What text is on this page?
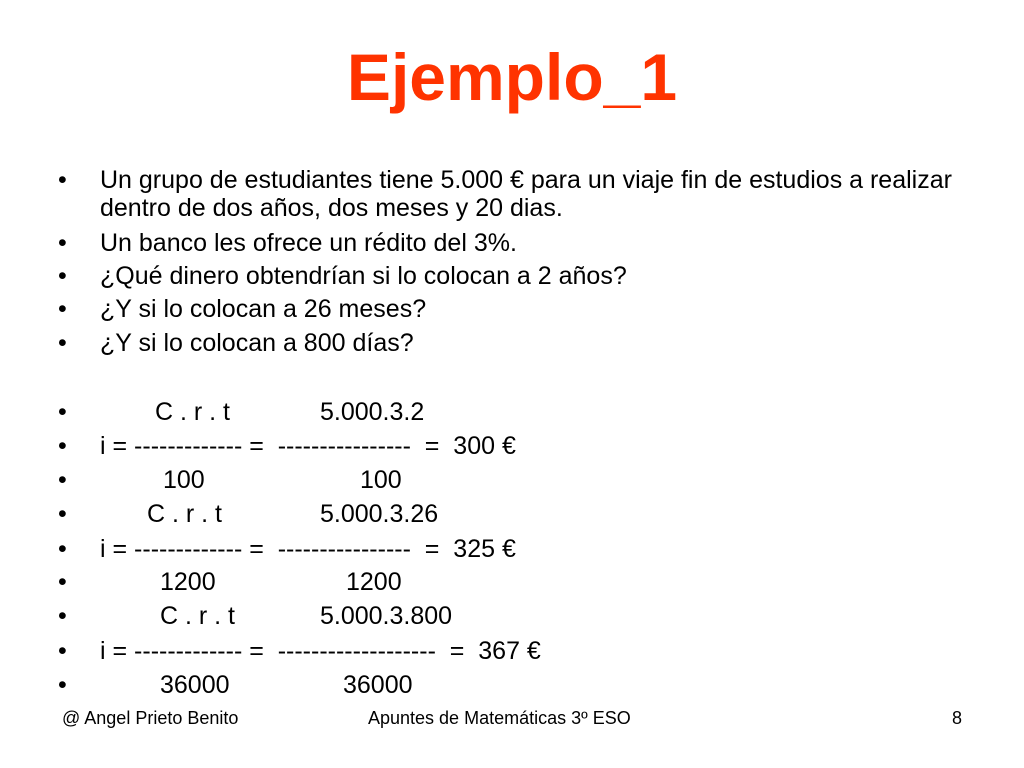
Ejemplo_1
• Un grupo de estudiantes tiene 5.000 € para un viaje fin de estudios a realizar dentro de dos años, dos meses y 20 dias.
• Un banco les ofrece un rédito del 3%.
• ¿Qué dinero obtendrían si lo colocan a 2 años?
• ¿Y si lo colocan a 26 meses?
• ¿Y si lo colocan a 800 días?
•	C . r . t	5.000.3.2
• i = ------------- =  ----------------  =  300 €
•	100	100
•	C . r . t	5.000.3.26
• i = ------------- =  ----------------  =  325 €
•	1200	1200
•	C . r . t	5.000.3.800
• i = ------------- =  -------------------  =  367 €
•	36000	36000
@ Angel Prieto Benito	Apuntes de Matemáticas 3º ESO	8
